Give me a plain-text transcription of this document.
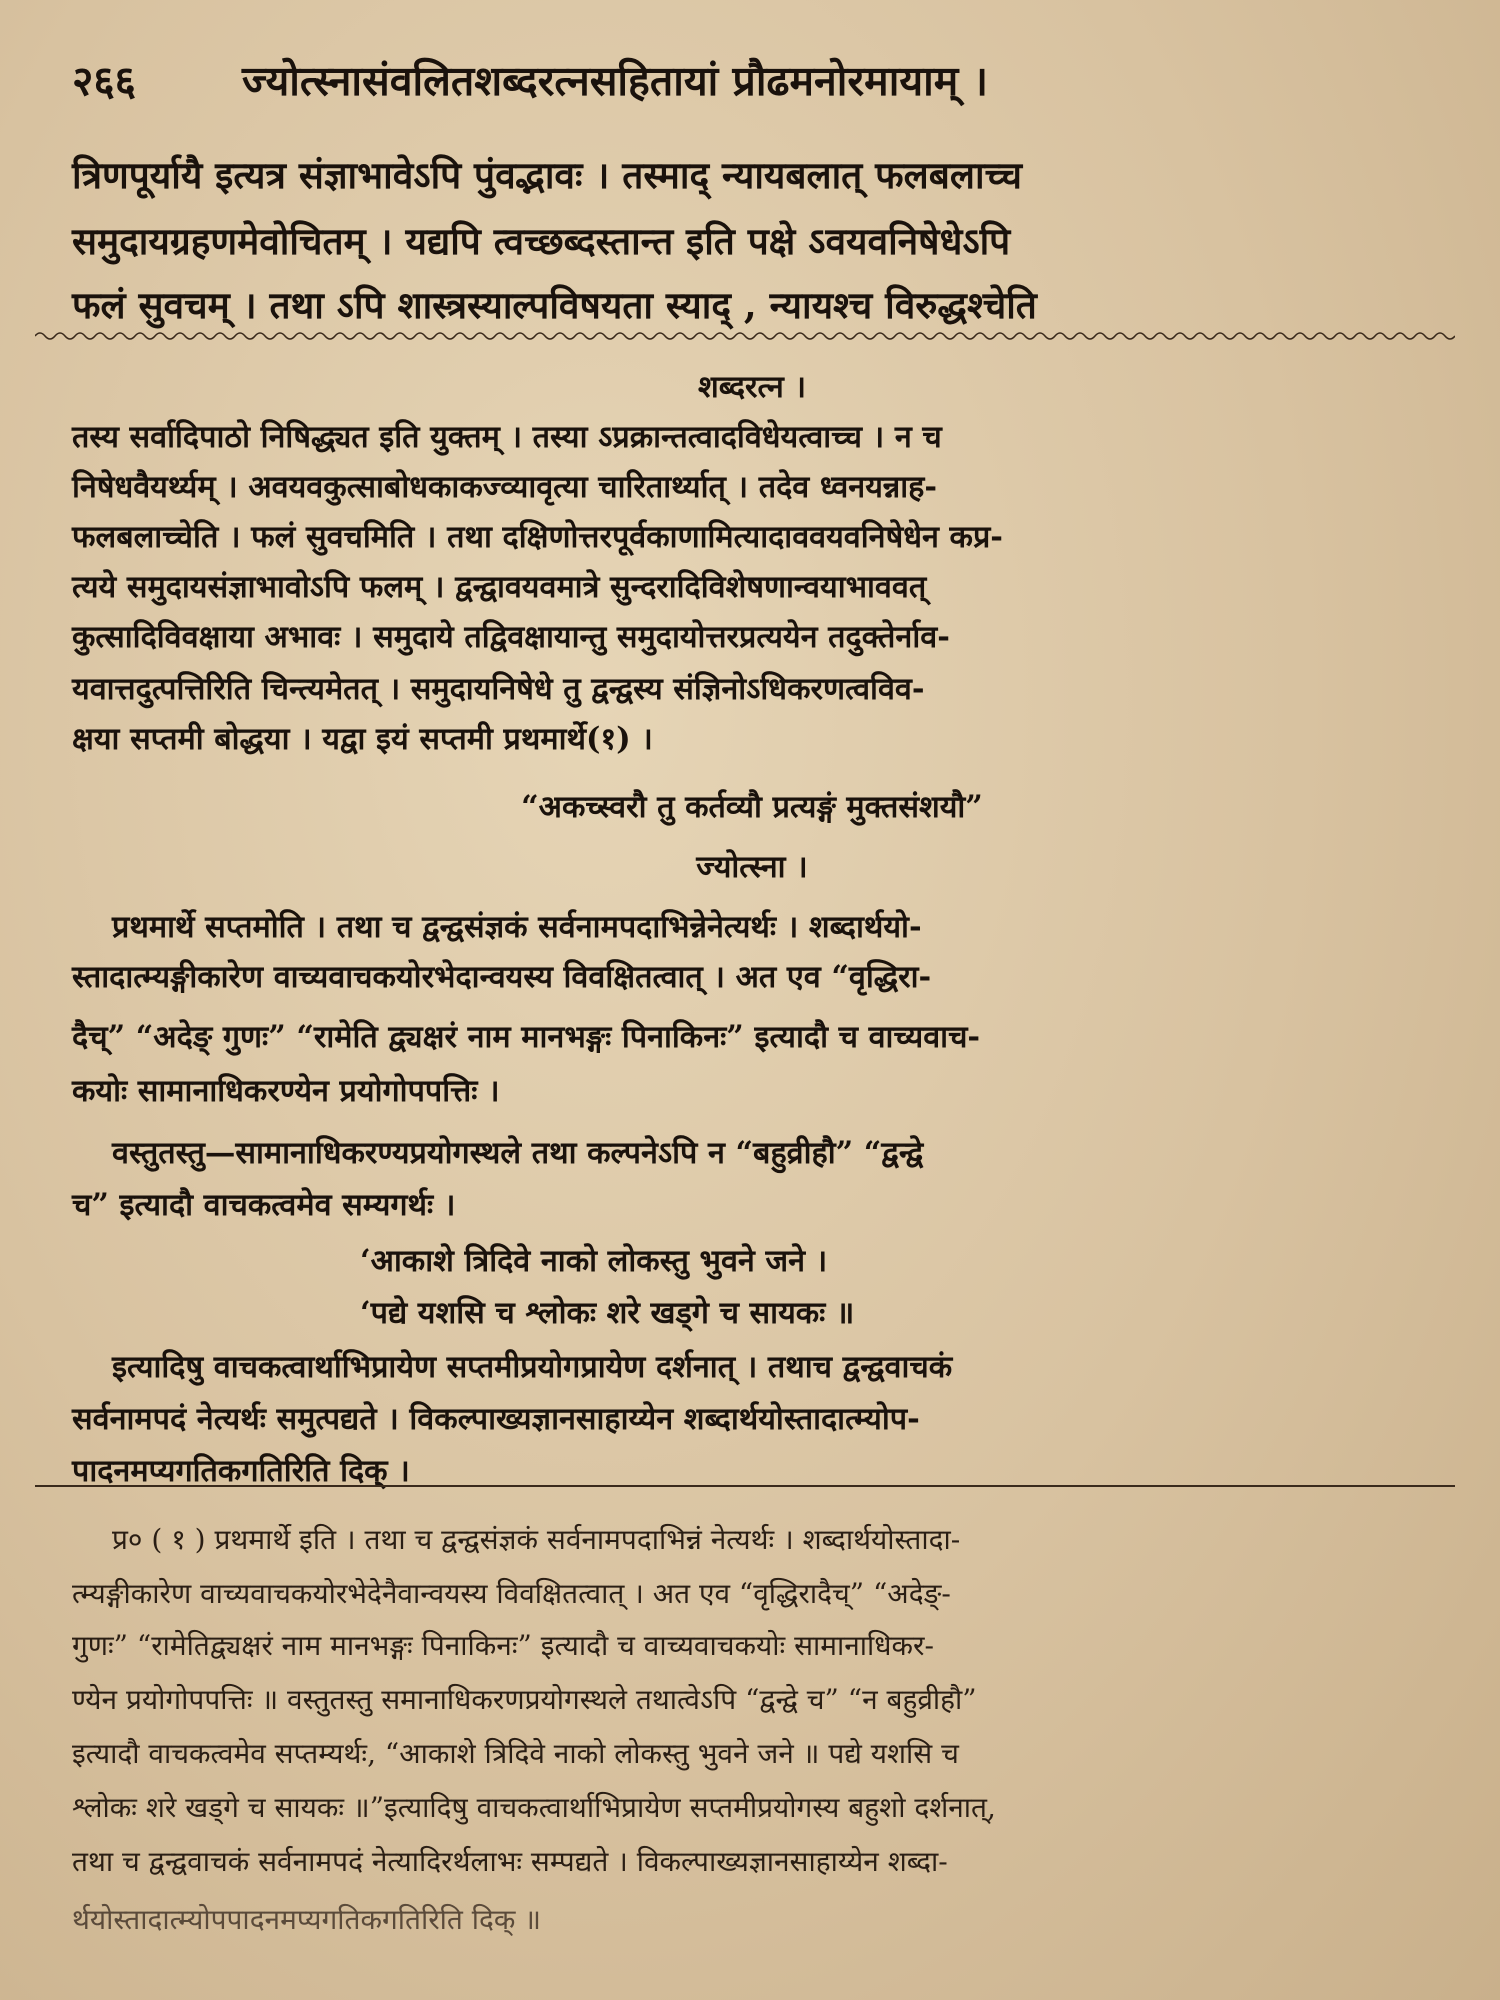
२६६	ज्योत्स्नासंवलितशब्दरत्नसहितायां प्रौढमनोरमायाम् ।
त्रिणपूर्यायै इत्यत्र संज्ञाभावेऽपि पुंवद्भावः । तस्माद् न्यायबलात् फलबलाच्च
समुदायग्रहणमेवोचितम् । यद्यपि त्वच्छब्दस्तान्त इति पक्षे ऽवयवनिषेधेऽपि
फलं सुवचम् । तथा ऽपि शास्त्रस्याल्पविषयता स्याद् , न्यायश्च विरुद्धश्चेति
शब्दरत्न ।
तस्य सर्वादिपाठो निषिद्ध्यत इति युक्तम् । तस्या ऽप्रक्रान्तत्वादविधेयत्वाच्च । न च
निषेधवैयर्थ्यम् । अवयवकुत्साबोधकाकज्व्यावृत्या चारितार्थ्यात् । तदेव ध्वनयन्नाह-
फलबलाच्चेति । फलं सुवचमिति । तथा दक्षिणोत्तरपूर्वकाणामित्यादाववयवनिषेधेन कप्र-
त्यये समुदायसंज्ञाभावोऽपि फलम् । द्वन्द्वावयवमात्रे सुन्दरादिविशेषणान्वयाभाववत्
कुत्सादिविवक्षाया अभावः । समुदाये तद्विवक्षायान्तु समुदायोत्तरप्रत्ययेन तदुक्तेर्नाव-
यवात्तदुत्पत्तिरिति चिन्त्यमेतत् । समुदायनिषेधे तु द्वन्द्वस्य संज्ञिनोऽधिकरणत्वविव-
क्षया सप्तमी बोद्धया । यद्वा इयं सप्तमी प्रथमार्थे(१) ।
“अकच्स्वरौ तु कर्तव्यौ प्रत्यङ्गं मुक्तसंशयौ”
ज्योत्स्ना ।
प्रथमार्थे सप्तमोति । तथा च द्वन्द्वसंज्ञकं सर्वनामपदाभिन्नेनेत्यर्थः । शब्दार्थयो-
स्तादात्म्यङ्गीकारेण वाच्यवाचकयोरभेदान्वयस्य विवक्षितत्वात् । अत एव “वृद्धिरा-
दैच्” “अदेङ् गुणः” “रामेति द्व्यक्षरं नाम मानभङ्गः पिनाकिनः” इत्यादौ च वाच्यवाच-
कयोः सामानाधिकरण्येन प्रयोगोपपत्तिः ।
वस्तुतस्तु—सामानाधिकरण्यप्रयोगस्थले तथा कल्पनेऽपि न “बहुव्रीहौ” “द्वन्द्वे
च” इत्यादौ वाचकत्वमेव सम्यगर्थः ।
‘आकाशे त्रिदिवे नाको लोकस्तु भुवने जने ।
‘पद्ये यशसि च श्लोकः शरे खड्गे च सायकः ॥
इत्यादिषु वाचकत्वार्थाभिप्रायेण सप्तमीप्रयोगप्रायेण दर्शनात् । तथाच द्वन्द्ववाचकं
सर्वनामपदं नेत्यर्थः समुत्पद्यते । विकल्पाख्यज्ञानसाहाय्येन शब्दार्थयोस्तादात्म्योप-
पादनमप्यगतिकगतिरिति दिक् ।
प्र० ( १ ) प्रथमार्थे इति । तथा च द्वन्द्वसंज्ञकं सर्वनामपदाभिन्नं नेत्यर्थः । शब्दार्थयोस्तादा-
त्म्यङ्गीकारेण वाच्यवाचकयोरभेदेनैवान्वयस्य विवक्षितत्वात् । अत एव “वृद्धिरादैच्” “अदेङ्-
गुणः” “रामेतिद्व्यक्षरं नाम मानभङ्गः पिनाकिनः” इत्यादौ च वाच्यवाचकयोः सामानाधिकर-
ण्येन प्रयोगोपपत्तिः ॥ वस्तुतस्तु समानाधिकरणप्रयोगस्थले तथात्वेऽपि “द्वन्द्वे च” “न बहुव्रीहौ”
इत्यादौ वाचकत्वमेव सप्तम्यर्थः, “आकाशे त्रिदिवे नाको लोकस्तु भुवने जने ॥ पद्ये यशसि च
श्लोकः शरे खड्गे च सायकः ॥”इत्यादिषु वाचकत्वार्थाभिप्रायेण सप्तमीप्रयोगस्य बहुशो दर्शनात्,
तथा च द्वन्द्ववाचकं सर्वनामपदं नेत्यादिरर्थलाभः सम्पद्यते । विकल्पाख्यज्ञानसाहाय्येन शब्दा-
र्थयोस्तादात्म्योपपादनमप्यगतिकगतिरिति दिक् ॥
